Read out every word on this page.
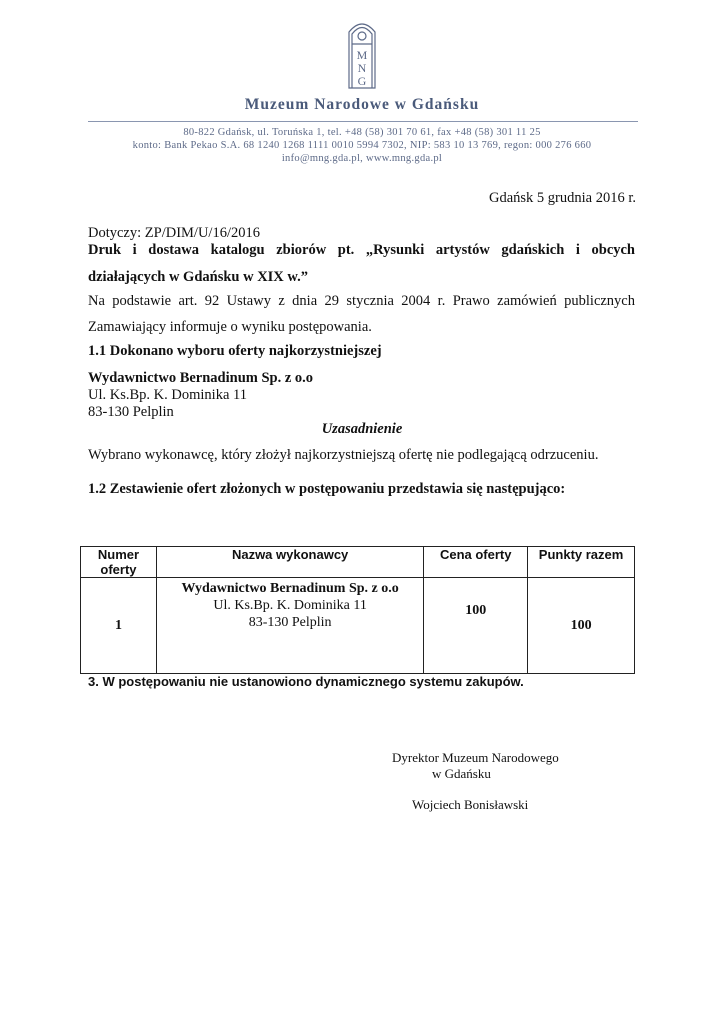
M
N
G
Muzeum Narodowe w Gdańsku
80-822 Gdańsk, ul. Toruńska 1, tel. +48 (58) 301 70 61, fax +48 (58) 301 11 25
konto: Bank Pekao S.A. 68 1240 1268 1111 0010 5994 7302, NIP: 583 10 13 769, regon: 000 276 660
info@mng.gda.pl, www.mng.gda.pl
Gdańsk 5 grudnia 2016 r.
Dotyczy: ZP/DIM/U/16/2016
Druk i dostawa katalogu zbiorów pt. „Rysunki artystów gdańskich i obcych
działających w Gdańsku w XIX w.”
Na podstawie art. 92 Ustawy z dnia 29 stycznia 2004 r. Prawo zamówień publicznych
Zamawiający informuje o wyniku postępowania.
1.1 Dokonano wyboru oferty najkorzystniejszej
Wydawnictwo Bernadinum Sp. z o.o
Ul. Ks.Bp. K. Dominika 11
83-130 Pelplin
Uzasadnienie
Wybrano wykonawcę, który złożył najkorzystniejszą ofertę nie podlegającą odrzuceniu.
1.2 Zestawienie ofert złożonych w postępowaniu przedstawia się następująco:
Numer
oferty	Nazwa wykonawcy	Cena oferty	Punkty razem
1	Wydawnictwo Bernadinum Sp. z o.o
Ul. Ks.Bp. K. Dominika 11
83-130 Pelplin	100	100
3. W postępowaniu nie ustanowiono dynamicznego systemu zakupów.
Dyrektor Muzeum Narodowego
w Gdańsku
Wojciech Bonisławski
